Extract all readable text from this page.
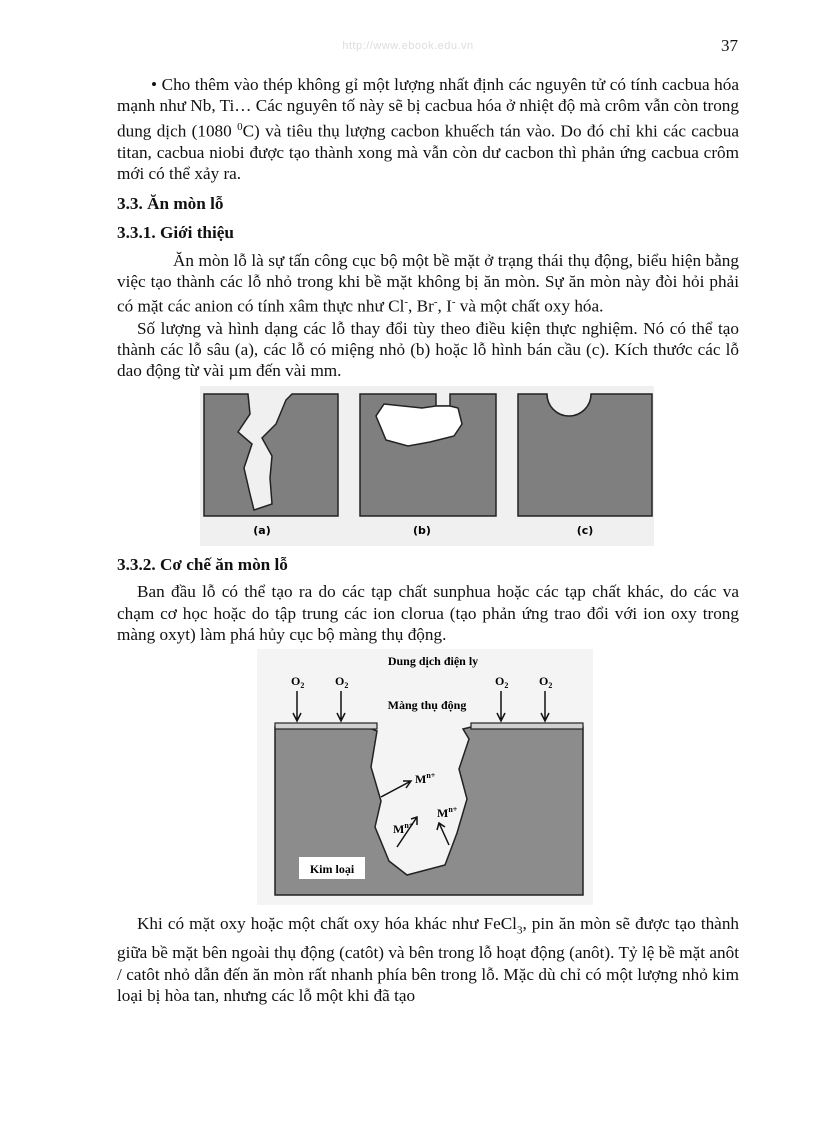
http://www.ebook.edu.vn	37

• Cho thêm vào thép không gỉ một lượng nhất định các nguyên tử có tính cacbua hóa mạnh như Nb, Ti… Các nguyên tố này sẽ bị cacbua hóa ở nhiệt độ mà crôm vẫn còn trong dung dịch (1080 $^0$C) và tiêu thụ lượng cacbon khuếch tán vào. Do đó chỉ khi các cacbua titan, cacbua niobi được tạo thành xong mà vẫn còn dư cacbon thì phản ứng cacbua crôm mới có thể xảy ra.

3.3. Ăn mòn lỗ
3.3.1. Giới thiệu

Ăn mòn lỗ là sự tấn công cục bộ một bề mặt ở trạng thái thụ động, biểu hiện bằng việc tạo thành các lỗ nhỏ trong khi bề mặt không bị ăn mòn. Sự ăn mòn này đòi hỏi phải có mặt các anion có tính xâm thực như Cl-, Br-, I- và một chất oxy hóa.

Số lượng và hình dạng các lỗ thay đổi tùy theo điều kiện thực nghiệm. Nó có thể tạo thành các lỗ sâu (a), các lỗ có miệng nhỏ (b) hoặc lỗ hình bán cầu (c). Kích thước các lỗ dao động từ vài µm đến vài mm.

(a)	(b)	(c)
3.3.2. Cơ chế ăn mòn lỗ

Ban đầu lỗ có thể tạo ra do các tạp chất sunphua hoặc các tạp chất khác, do các va chạm cơ học hoặc do tập trung các ion clorua (tạo phản ứng trao đổi với ion oxy trong màng oxyt) làm phá hủy cục bộ màng thụ động.

Dung dịch điện ly
Màng thụ động
$O_2$	$O_2$	$O_2$	$O_2$
$M^{n+}$
$M^{n+}$
$M^{n+}$
Kim loại

Khi có mặt oxy hoặc một chất oxy hóa khác như FeCl$_3$, pin ăn mòn sẽ được tạo thành giữa bề mặt bên ngoài thụ động (catôt) và bên trong lỗ hoạt động (anôt). Tỷ lệ bề mặt anôt / catôt nhỏ dẫn đến ăn mòn rất nhanh phía bên trong lỗ. Mặc dù chỉ có một lượng nhỏ kim loại bị hòa tan, nhưng các lỗ một khi đã tạo
